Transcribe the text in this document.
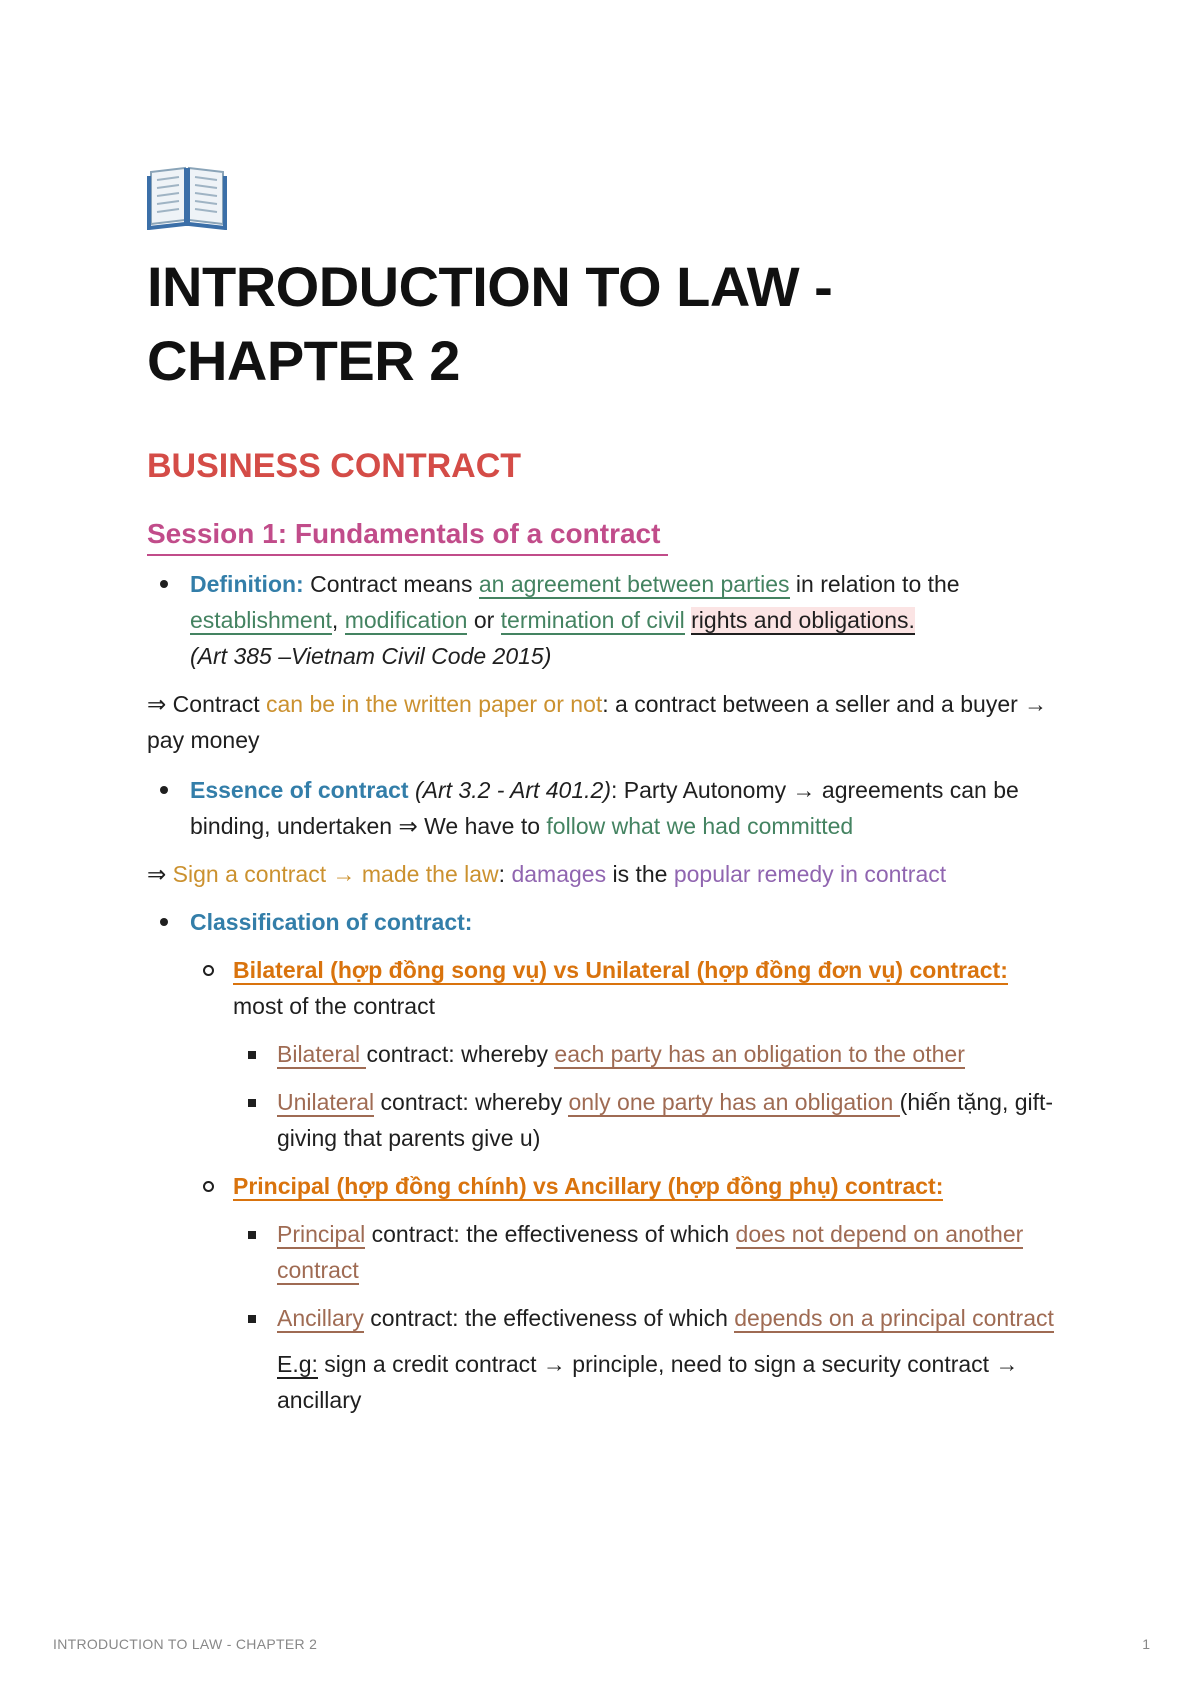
INTRODUCTION TO LAW -
CHAPTER 2
BUSINESS CONTRACT
Session 1: Fundamentals of a contract
Definition: Contract means an agreement between parties in relation to the establishment, modification or termination of civil rights and obligations.
(Art 385 –Vietnam Civil Code 2015)
⇒ Contract can be in the written paper or not: a contract between a seller and a buyer → pay money
Essence of contract (Art 3.2 - Art 401.2): Party Autonomy → agreements can be binding, undertaken ⇒ We have to follow what we had committed
⇒ Sign a contract → made the law: damages is the popular remedy in contract
Classification of contract:
Bilateral (hợp đồng song vụ) vs Unilateral (hợp đồng đơn vụ) contract:
most of the contract
Bilateral contract: whereby each party has an obligation to the other
Unilateral contract: whereby only one party has an obligation (hiến tặng, gift-giving that parents give u)
Principal (hợp đồng chính) vs Ancillary (hợp đồng phụ) contract:
Principal contract: the effectiveness of which does not depend on another contract
Ancillary contract: the effectiveness of which depends on a principal contract
E.g: sign a credit contract → principle, need to sign a security contract → ancillary
INTRODUCTION TO LAW - CHAPTER 2	1
